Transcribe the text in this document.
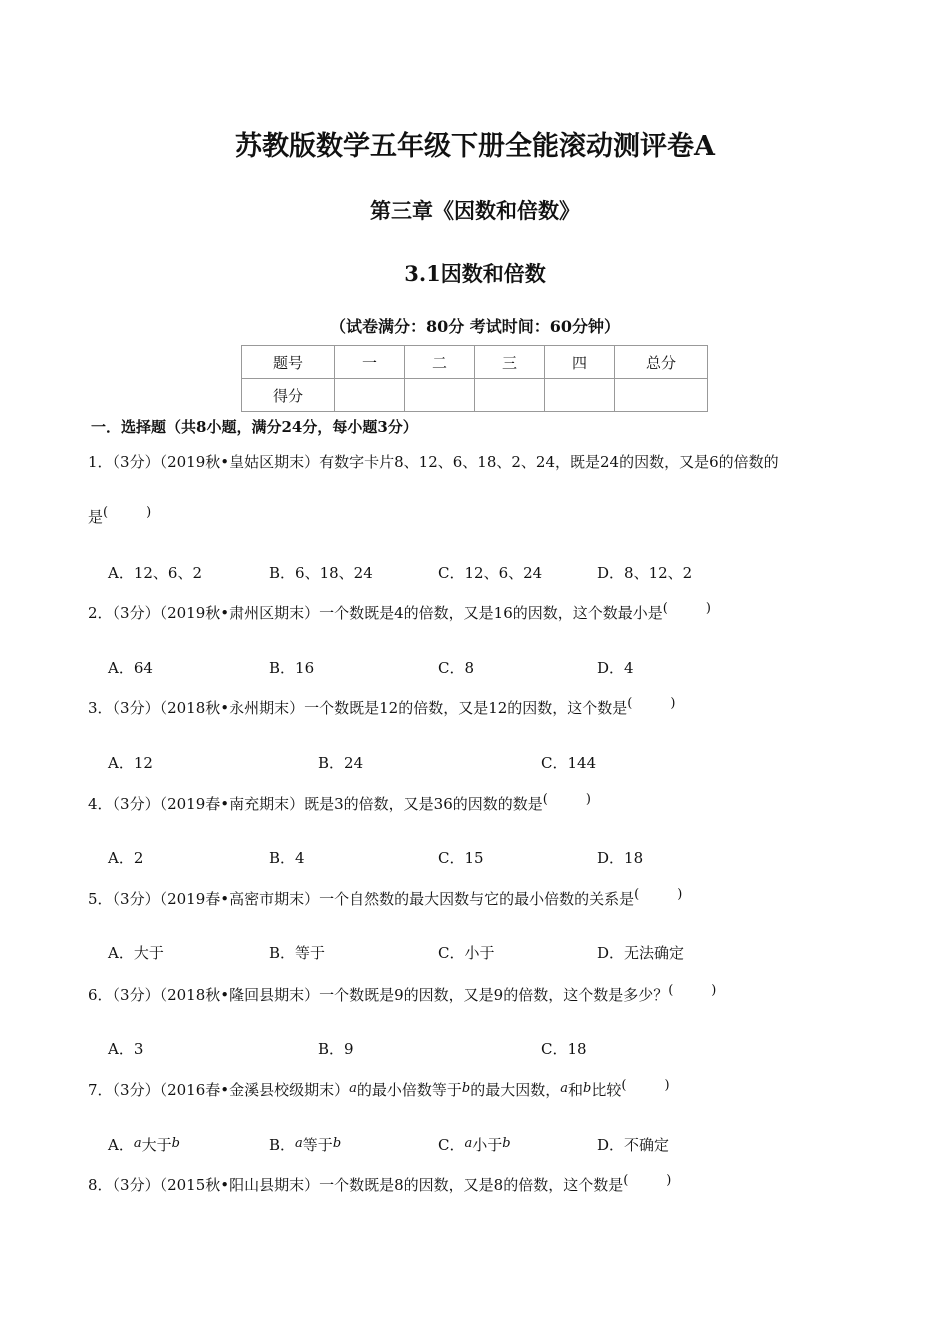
苏教版数学五年级下册全能滚动测评卷A
第三章《因数和倍数》
3.1因数和倍数
（试卷满分：80分 考试时间：60分钟）
题号	一	二	三	四	总分
得分					
一．选择题（共8小题，满分24分，每小题3分）
1．（3分）（2019秋•皇姑区期末）有数字卡片8、12、6、18、2、24，既是24的因数，又是6的倍数的
是(	)
A．12、6、2	B．6、18、24	C．12、6、24	D．8、12、2
2．（3分）（2019秋•肃州区期末）一个数既是4的倍数，又是16的因数，这个数最小是(	)
A．64	B．16	C．8	D．4
3．（3分）（2018秋•永州期末）一个数既是12的倍数，又是12的因数，这个数是(	)
A．12	B．24	C．144
4．（3分）（2019春•南充期末）既是3的倍数，又是36的因数的数是(	)
A．2	B．4	C．15	D．18
5．（3分）（2019春•高密市期末）一个自然数的最大因数与它的最小倍数的关系是(	)
A．大于	B．等于	C．小于	D．无法确定
6．（3分）（2018秋•隆回县期末）一个数既是9的因数，又是9的倍数，这个数是多少？(	)
A．3	B．9	C．18
7．（3分）（2016春•金溪县校级期末）a的最小倍数等于b的最大因数，a和b比较(	)
A．a大于b	B．a等于b	C．a小于b	D．不确定
8．（3分）（2015秋•阳山县期末）一个数既是8的因数，又是8的倍数，这个数是(	)
